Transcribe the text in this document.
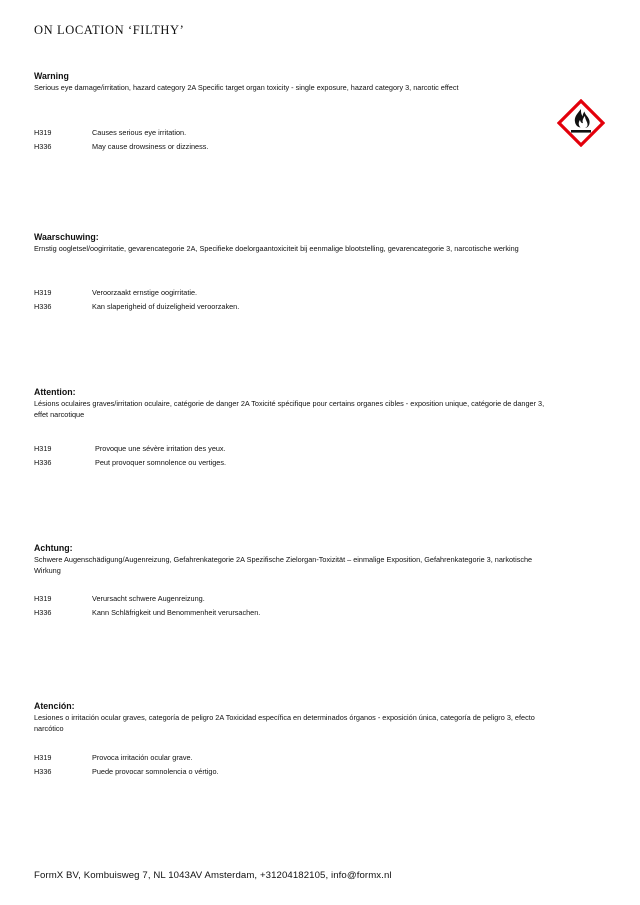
ON LOCATION ‘FILTHY’
Warning
Serious eye damage/irritation, hazard category 2A Specific target organ toxicity - single exposure, hazard category 3, narcotic effect
H319	Causes serious eye irritation.
H336	May cause drowsiness or dizziness.
Waarschuwing:
Ernstig oogletsel/oogirritatie, gevarencategorie 2A, Specifieke doelorgaantoxiciteit bij eenmalige blootstelling, gevarencategorie 3, narcotische werking
H319	Veroorzaakt ernstige oogirritatie.
H336	Kan slaperigheid of duizeligheid veroorzaken.
Attention:
Lésions oculaires graves/irritation oculaire, catégorie de danger 2A Toxicité spécifique pour certains organes cibles - exposition unique, catégorie de danger 3, effet narcotique
H319	Provoque une sévère irritation des yeux.
H336	Peut provoquer somnolence ou vertiges.
Achtung:
Schwere Augenschädigung/Augenreizung, Gefahrenkategorie 2A Spezifische Zielorgan-Toxizität – einmalige Exposition, Gefahrenkategorie 3, narkotische Wirkung
H319	Verursacht schwere Augenreizung.
H336	Kann Schläfrigkeit und Benommenheit verursachen.
Atención:
Lesiones o irritación ocular graves, categoría de peligro 2A Toxicidad específica en determinados órganos - exposición única, categoría de peligro 3, efecto narcótico
H319	Provoca irritación ocular grave.
H336	Puede provocar somnolencia o vértigo.
FormX BV, Kombuisweg 7, NL 1043AV Amsterdam, +31204182105, info@formx.nl
